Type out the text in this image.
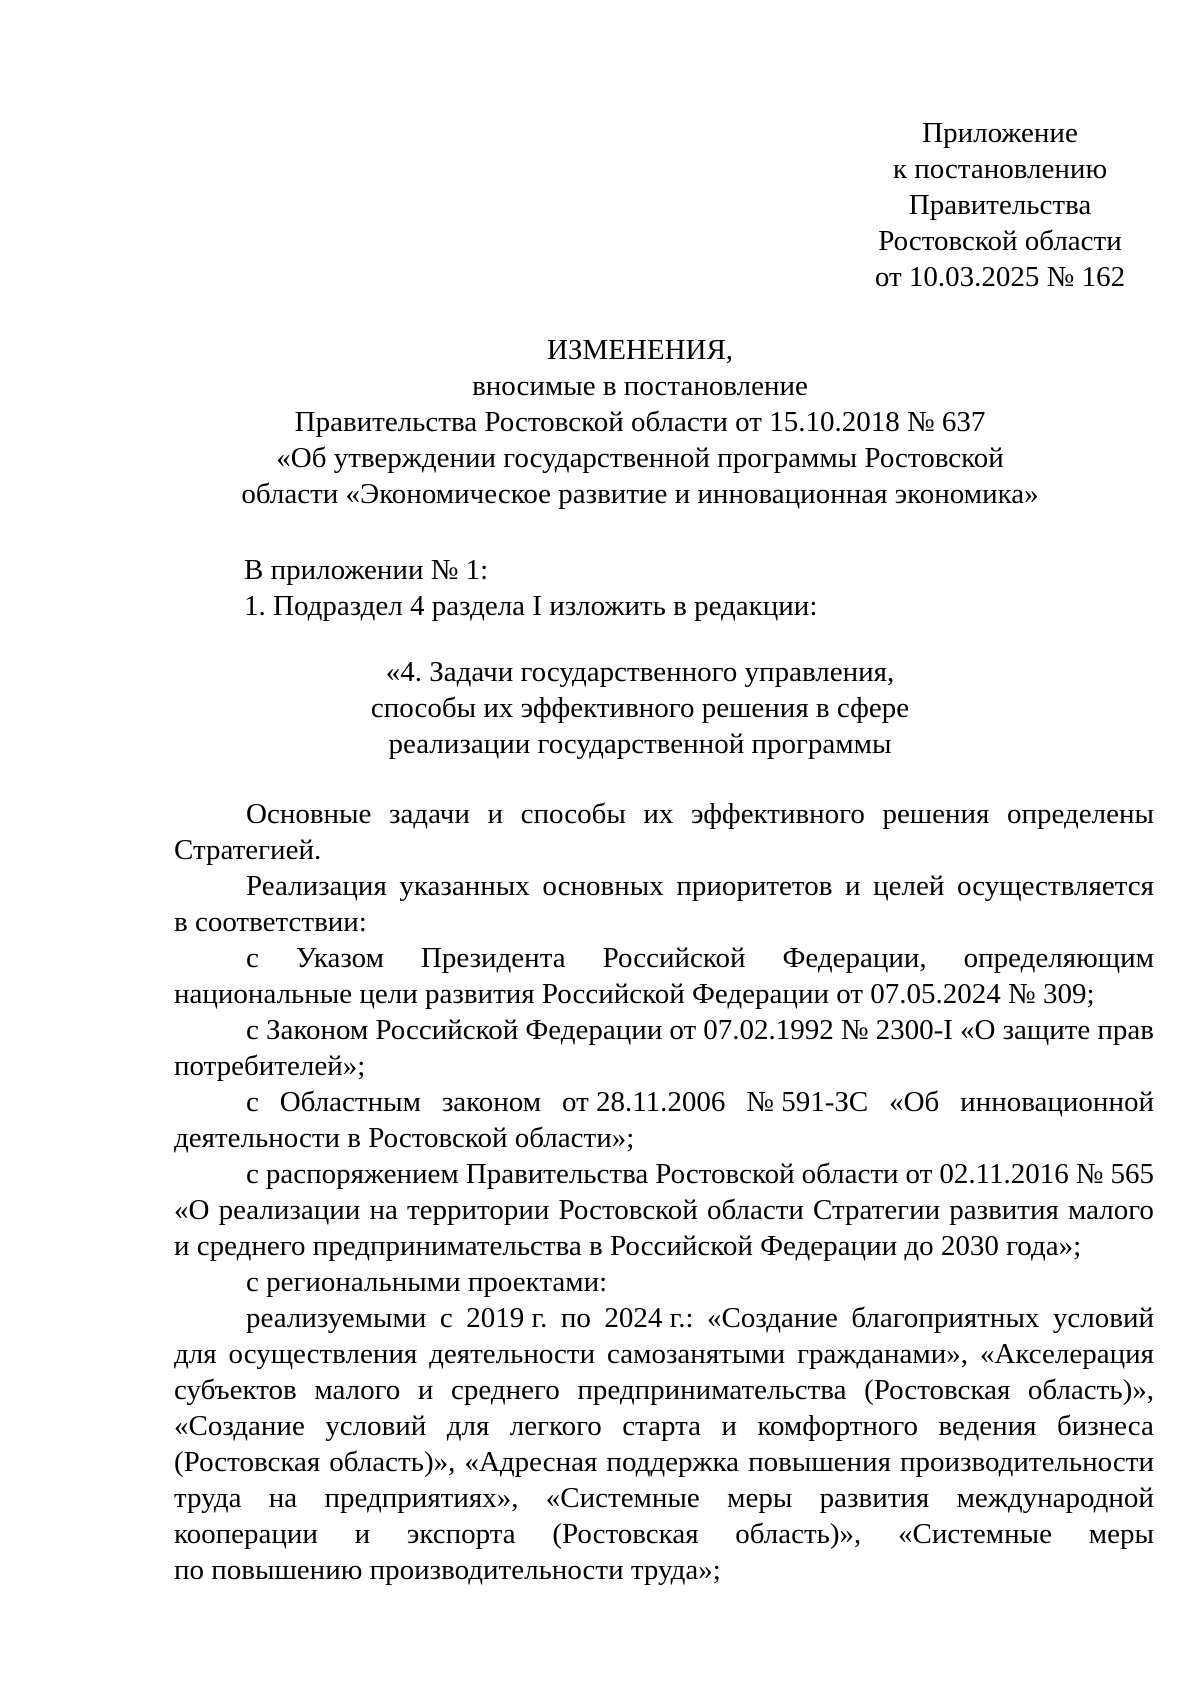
Приложение
к постановлению
Правительства
Ростовской области
от 10.03.2025 № 162
ИЗМЕНЕНИЯ,
вносимые в постановление
Правительства Ростовской области от 15.10.2018 № 637
«Об утверждении государственной программы Ростовской
области «Экономическое развитие и инновационная экономика»
В приложении № 1:
1. Подраздел 4 раздела I изложить в редакции:
«4. Задачи государственного управления,
способы их эффективного решения в сфере
реализации государственной программы
Основные задачи и способы их эффективного решения определены
Стратегией.
Реализация указанных основных приоритетов и целей осуществляется
в соответствии:
с Указом Президента Российской Федерации, определяющим
национальные цели развития Российской Федерации от 07.05.2024 № 309;
с Законом Российской Федерации от 07.02.1992 № 2300-I «О защите прав
потребителей»;
с Областным законом от 28.11.2006 № 591-ЗС «Об инновационной
деятельности в Ростовской области»;
с распоряжением Правительства Ростовской области от 02.11.2016 № 565
«О реализации на территории Ростовской области Стратегии развития малого
и среднего предпринимательства в Российской Федерации до 2030 года»;
с региональными проектами:
реализуемыми с 2019 г. по 2024 г.: «Создание благоприятных условий
для осуществления деятельности самозанятыми гражданами», «Акселерация
субъектов малого и среднего предпринимательства (Ростовская область)»,
«Создание условий для легкого старта и комфортного ведения бизнеса
(Ростовская область)», «Адресная поддержка повышения производительности
труда на предприятиях», «Системные меры развития международной
кооперации и экспорта (Ростовская область)», «Системные меры
по повышению производительности труда»;
